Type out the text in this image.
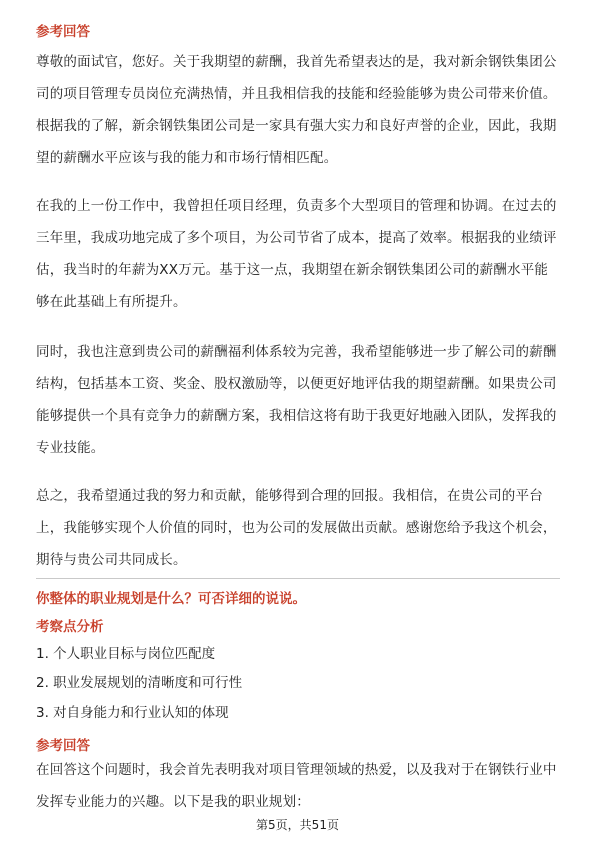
参考回答

尊敬的面试官，您好。关于我期望的薪酬，我首先希望表达的是，我对新余钢铁集团公司的项目管理专员岗位充满热情，并且我相信我的技能和经验能够为贵公司带来价值。根据我的了解，新余钢铁集团公司是一家具有强大实力和良好声誉的企业，因此，我期望的薪酬水平应该与我的能力和市场行情相匹配。

在我的上一份工作中，我曾担任项目经理，负责多个大型项目的管理和协调。在过去的三年里，我成功地完成了多个项目，为公司节省了成本，提高了效率。根据我的业绩评估，我当时的年薪为XX万元。基于这一点，我期望在新余钢铁集团公司的薪酬水平能够在此基础上有所提升。

同时，我也注意到贵公司的薪酬福利体系较为完善，我希望能够进一步了解公司的薪酬结构，包括基本工资、奖金、股权激励等，以便更好地评估我的期望薪酬。如果贵公司能够提供一个具有竞争力的薪酬方案，我相信这将有助于我更好地融入团队，发挥我的专业技能。

总之，我希望通过我的努力和贡献，能够得到合理的回报。我相信，在贵公司的平台上，我能够实现个人价值的同时，也为公司的发展做出贡献。感谢您给予我这个机会，期待与贵公司共同成长。

你整体的职业规划是什么？可否详细的说说。
考察点分析
1. 个人职业目标与岗位匹配度
2. 职业发展规划的清晰度和可行性
3. 对自身能力和行业认知的体现
参考回答

在回答这个问题时，我会首先表明我对项目管理领域的热爱，以及我对于在钢铁行业中发挥专业能力的兴趣。以下是我的职业规划：

第5页，共51页
